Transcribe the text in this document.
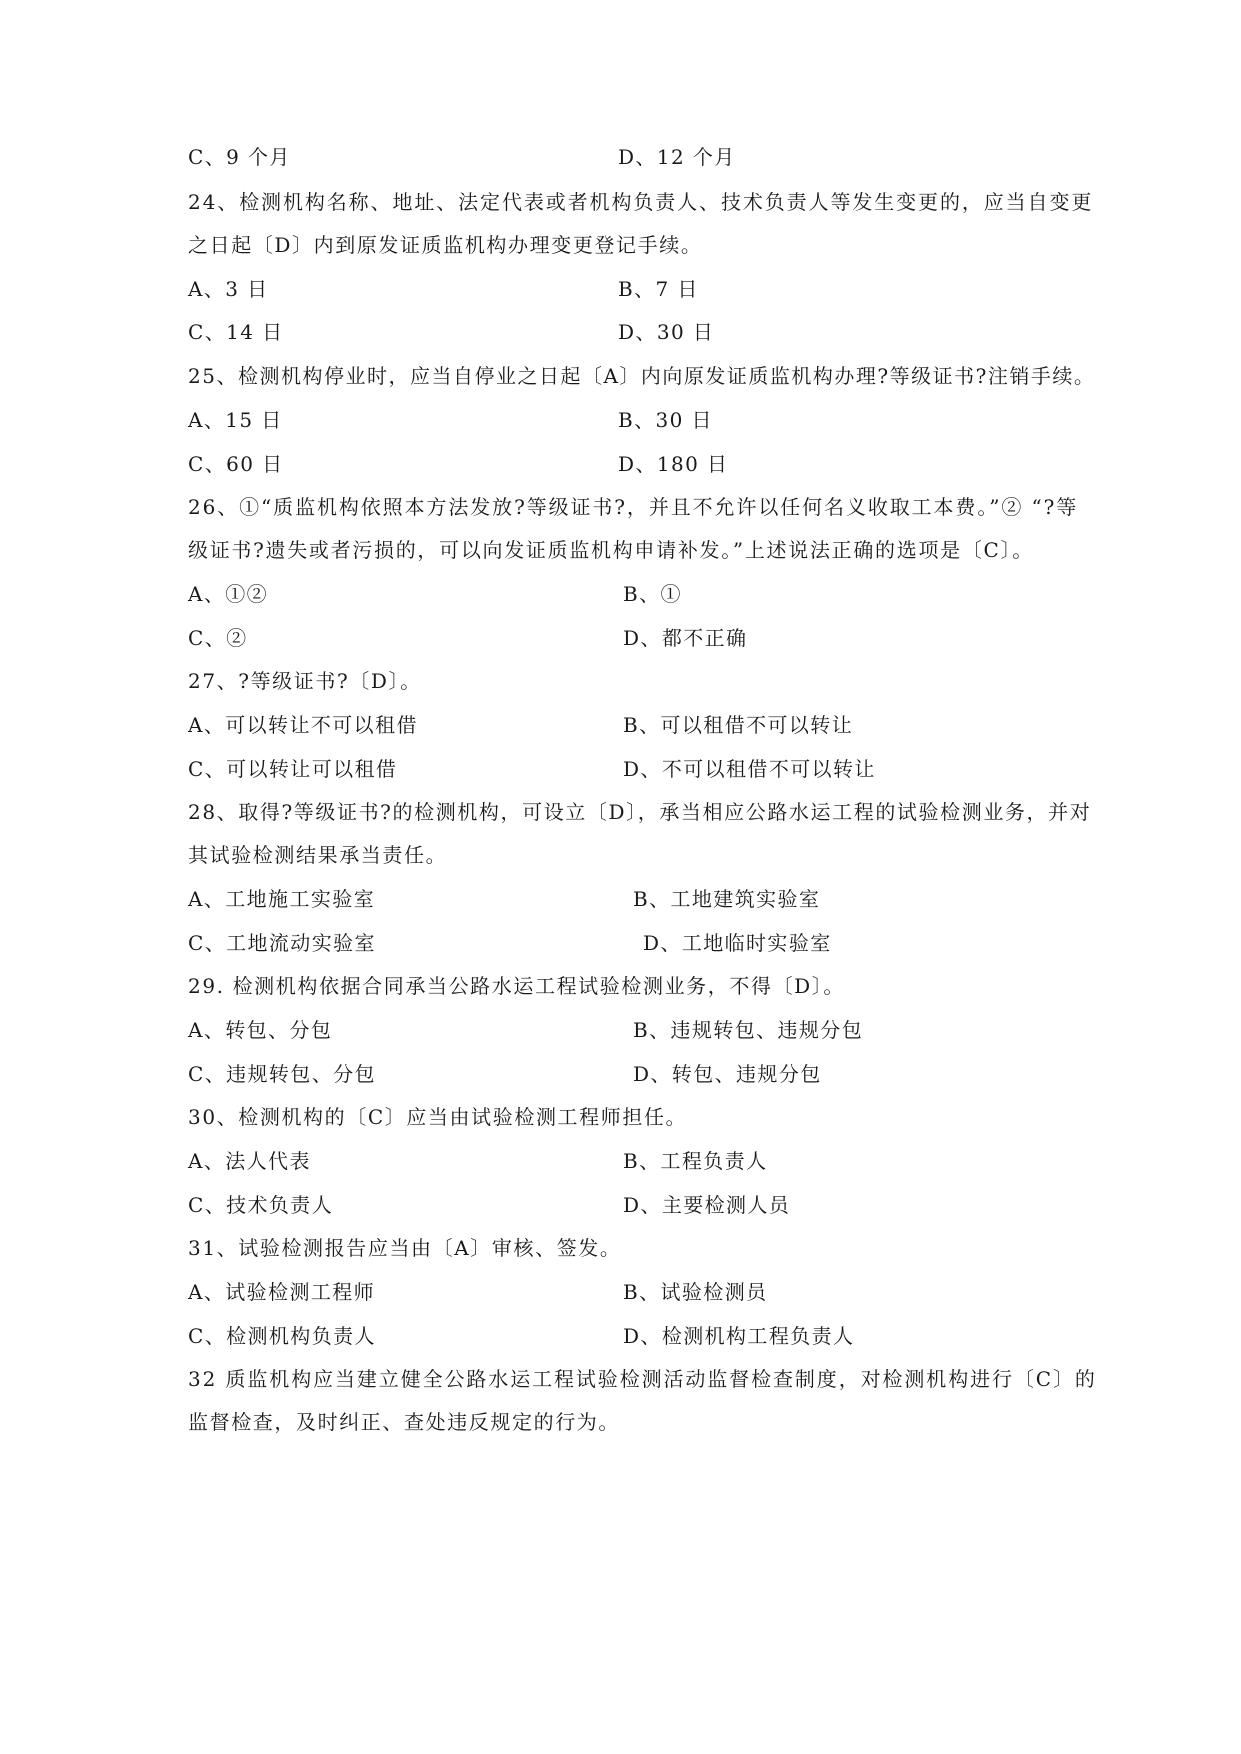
C、9 个月	D、12 个月
24、检测机构名称、地址、法定代表或者机构负责人、技术负责人等发生变更的，应当自变更
之日起〔D〕内到原发证质监机构办理变更登记手续。
A、3 日	B、7 日
C、14 日	D、30 日
25、检测机构停业时，应当自停业之日起〔A〕内向原发证质监机构办理?等级证书?注销手续。
A、15 日	B、30 日
C、60 日	D、180 日
26、①“质监机构依照本方法发放?等级证书?，并且不允许以任何名义收取工本费。”② “?等
级证书?遗失或者污损的，可以向发证质监机构申请补发。”上述说法正确的选项是〔C〕。
A、①②	B、①
C、②	D、都不正确
27、?等级证书?〔D〕。
A、可以转让不可以租借	B、可以租借不可以转让
C、可以转让可以租借	D、不可以租借不可以转让
28、取得?等级证书?的检测机构，可设立〔D〕，承当相应公路水运工程的试验检测业务，并对
其试验检测结果承当责任。
A、工地施工实验室	B、工地建筑实验室
C、工地流动实验室	D、工地临时实验室
29. 检测机构依据合同承当公路水运工程试验检测业务，不得〔D〕。
A、转包、分包	B、违规转包、违规分包
C、违规转包、分包	D、转包、违规分包
30、检测机构的〔C〕应当由试验检测工程师担任。
A、法人代表	B、工程负责人
C、技术负责人	D、主要检测人员
31、试验检测报告应当由〔A〕审核、签发。
A、试验检测工程师	B、试验检测员
C、检测机构负责人	D、检测机构工程负责人
32 质监机构应当建立健全公路水运工程试验检测活动监督检查制度，对检测机构进行〔C〕的
监督检查，及时纠正、查处违反规定的行为。
